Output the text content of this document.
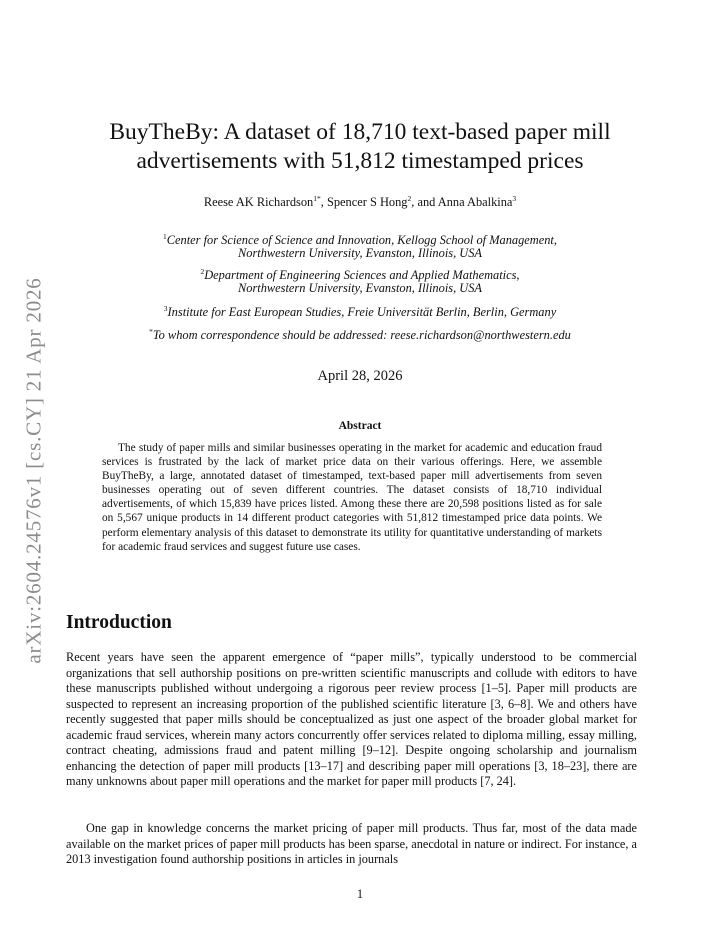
arXiv:2604.24576v1 [cs.CY] 21 Apr 2026
BuyTheBy: A dataset of 18,710 text-based paper mill
advertisements with 51,812 timestamped prices
Reese AK Richardson$^{1*}$, Spencer S Hong$^2$, and Anna Abalkina$^3$
$^1$Center for Science of Science and Innovation, Kellogg School of Management,
Northwestern University, Evanston, Illinois, USA
$^2$Department of Engineering Sciences and Applied Mathematics,
Northwestern University, Evanston, Illinois, USA
$^3$Institute for East European Studies, Freie Universität Berlin, Berlin, Germany
*To whom correspondence should be addressed: reese.richardson@northwestern.edu
April 28, 2026
Abstract

The study of paper mills and similar businesses operating in the market for academic and education fraud services is frustrated by the lack of market price data on their various offerings. Here, we assemble BuyTheBy, a large, annotated dataset of timestamped, text-based paper mill advertisements from seven businesses operating out of seven different countries. The dataset consists of 18,710 individual advertisements, of which 15,839 have prices listed. Among these there are 20,598 positions listed as for sale on 5,567 unique products in 14 different product categories with 51,812 timestamped price data points. We perform elementary analysis of this dataset to demonstrate its utility for quantitative understanding of markets for academic fraud services and suggest future use cases.

Introduction

Recent years have seen the apparent emergence of “paper mills”, typically understood to be commercial organizations that sell authorship positions on pre-written scientific manuscripts and collude with editors to have these manuscripts published without undergoing a rigorous peer review process [1–5]. Paper mill products are suspected to represent an increasing proportion of the published scientific literature [3, 6–8]. We and others have recently suggested that paper mills should be conceptualized as just one aspect of the broader global market for academic fraud services, wherein many actors concurrently offer services related to diploma milling, essay milling, contract cheating, admissions fraud and patent milling [9–12]. Despite ongoing scholarship and journalism enhancing the detection of paper mill products [13–17] and describing paper mill operations [3, 18–23], there are many unknowns about paper mill operations and the market for paper mill products [7, 24].

One gap in knowledge concerns the market pricing of paper mill products. Thus far, most of the data made available on the market prices of paper mill products has been sparse, anecdotal in nature or indirect. For instance, a 2013 investigation found authorship positions in articles in journals

1
